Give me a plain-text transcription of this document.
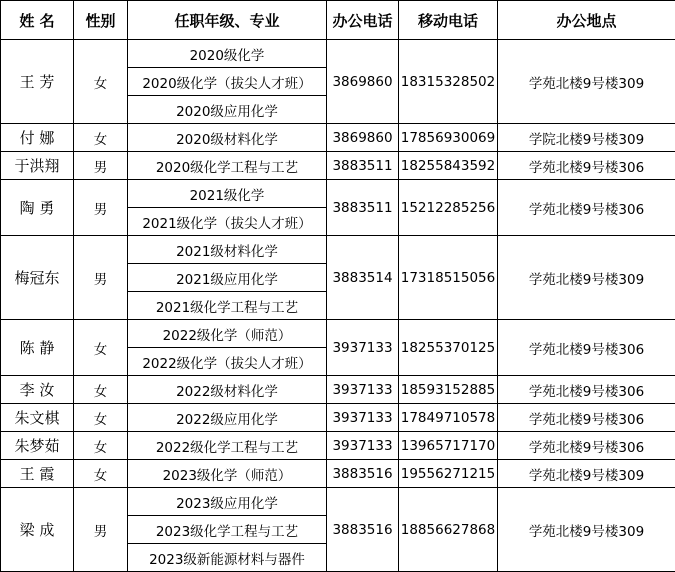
姓 名	性别	任职年级、专业	办公电话	移动电话	办公地点
王 芳	女	2020级化学	3869860	18315328502	学苑北楼9号楼309
		2020级化学（拔尖人才班）			
		2020级应用化学			
付 娜	女	2020级材料化学	3869860	17856930069	学院北楼9号楼309
于洪翔	男	2020级化学工程与工艺	3883511	18255843592	学苑北楼9号楼306
陶 勇	男	2021级化学	3883511	15212285256	学苑北楼9号楼306
		2021级化学（拔尖人才班）			
梅冠东	男	2021级材料化学	3883514	17318515056	学苑北楼9号楼309
		2021级应用化学			
		2021级化学工程与工艺			
陈 静	女	2022级化学（师范）	3937133	18255370125	学苑北楼9号楼306
		2022级化学（拔尖人才班）			
李 汝	女	2022级材料化学	3937133	18593152885	学苑北楼9号楼306
朱文棋	女	2022级应用化学	3937133	17849710578	学苑北楼9号楼306
朱梦茹	女	2022级化学工程与工艺	3937133	13965717170	学苑北楼9号楼306
王 霞	女	2023级化学（师范）	3883516	19556271215	学苑北楼9号楼309
梁 成	男	2023级应用化学	3883516	18856627868	学苑北楼9号楼309
		2023级化学工程与工艺			
		2023级新能源材料与器件			
